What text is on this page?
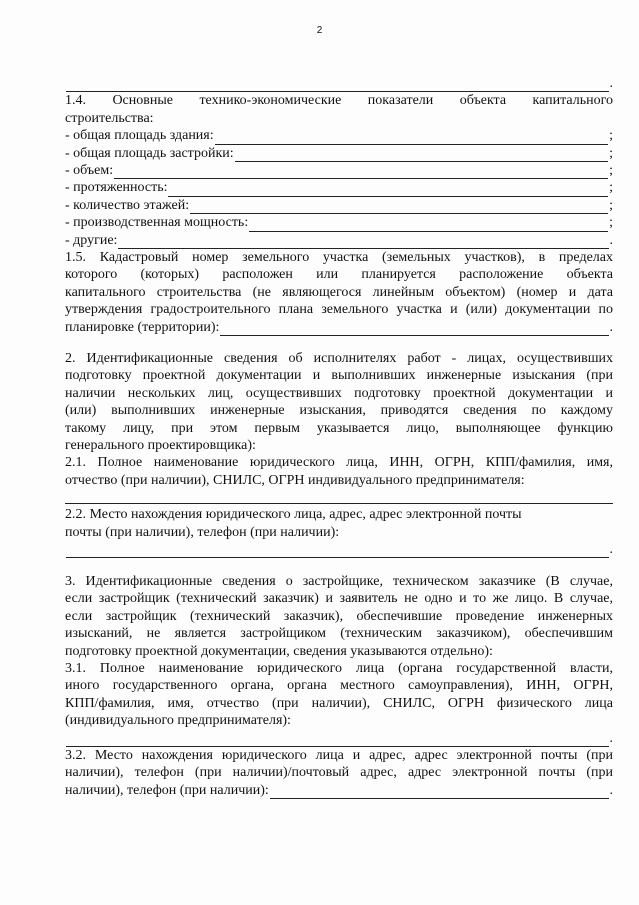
2
.
1.4. Основные технико-экономические показатели объекта капитального
строительства:
- общая площадь здания:	;
- общая площадь застройки:	;
- объем:	;
- протяженность:	;
- количество этажей:	;
- производственная мощность:	;
- другие:	.
1.5. Кадастровый номер земельного участка (земельных участков), в пределах
которого (которых) расположен или планируется расположение объекта
капитального строительства (не являющегося линейным объектом) (номер и дата
утверждения градостроительного плана земельного участка и (или) документации по
планировке (территории):	.
2. Идентификационные сведения об исполнителях работ - лицах, осуществивших
подготовку проектной документации и выполнивших инженерные изыскания (при
наличии нескольких лиц, осуществивших подготовку проектной документации и
(или) выполнивших инженерные изыскания, приводятся сведения по каждому
такому лицу, при этом первым указывается лицо, выполняющее функцию
генерального проектировщика):
2.1. Полное наименование юридического лица, ИНН, ОГРН, КПП/фамилия, имя,
отчество (при наличии), СНИЛС, ОГРН индивидуального предпринимателя:
2.2. Место нахождения юридического лица, адрес, адрес электронной почты
почты (при наличии), телефон (при наличии):
.
3. Идентификационные сведения о застройщике, техническом заказчике (В случае,
если застройщик (технический заказчик) и заявитель не одно и то же лицо. В случае,
если застройщик (технический заказчик), обеспечившие проведение инженерных
изысканий, не является застройщиком (техническим заказчиком), обеспечившим
подготовку проектной документации, сведения указываются отдельно):
3.1. Полное наименование юридического лица (органа государственной власти,
иного государственного органа, органа местного самоуправления), ИНН, ОГРН,
КПП/фамилия, имя, отчество (при наличии), СНИЛС, ОГРН физического лица
(индивидуального предпринимателя):
.
3.2. Место нахождения юридического лица и адрес, адрес электронной почты (при
наличии), телефон (при наличии)/почтовый адрес, адрес электронной почты (при
наличии), телефон (при наличии):	.
